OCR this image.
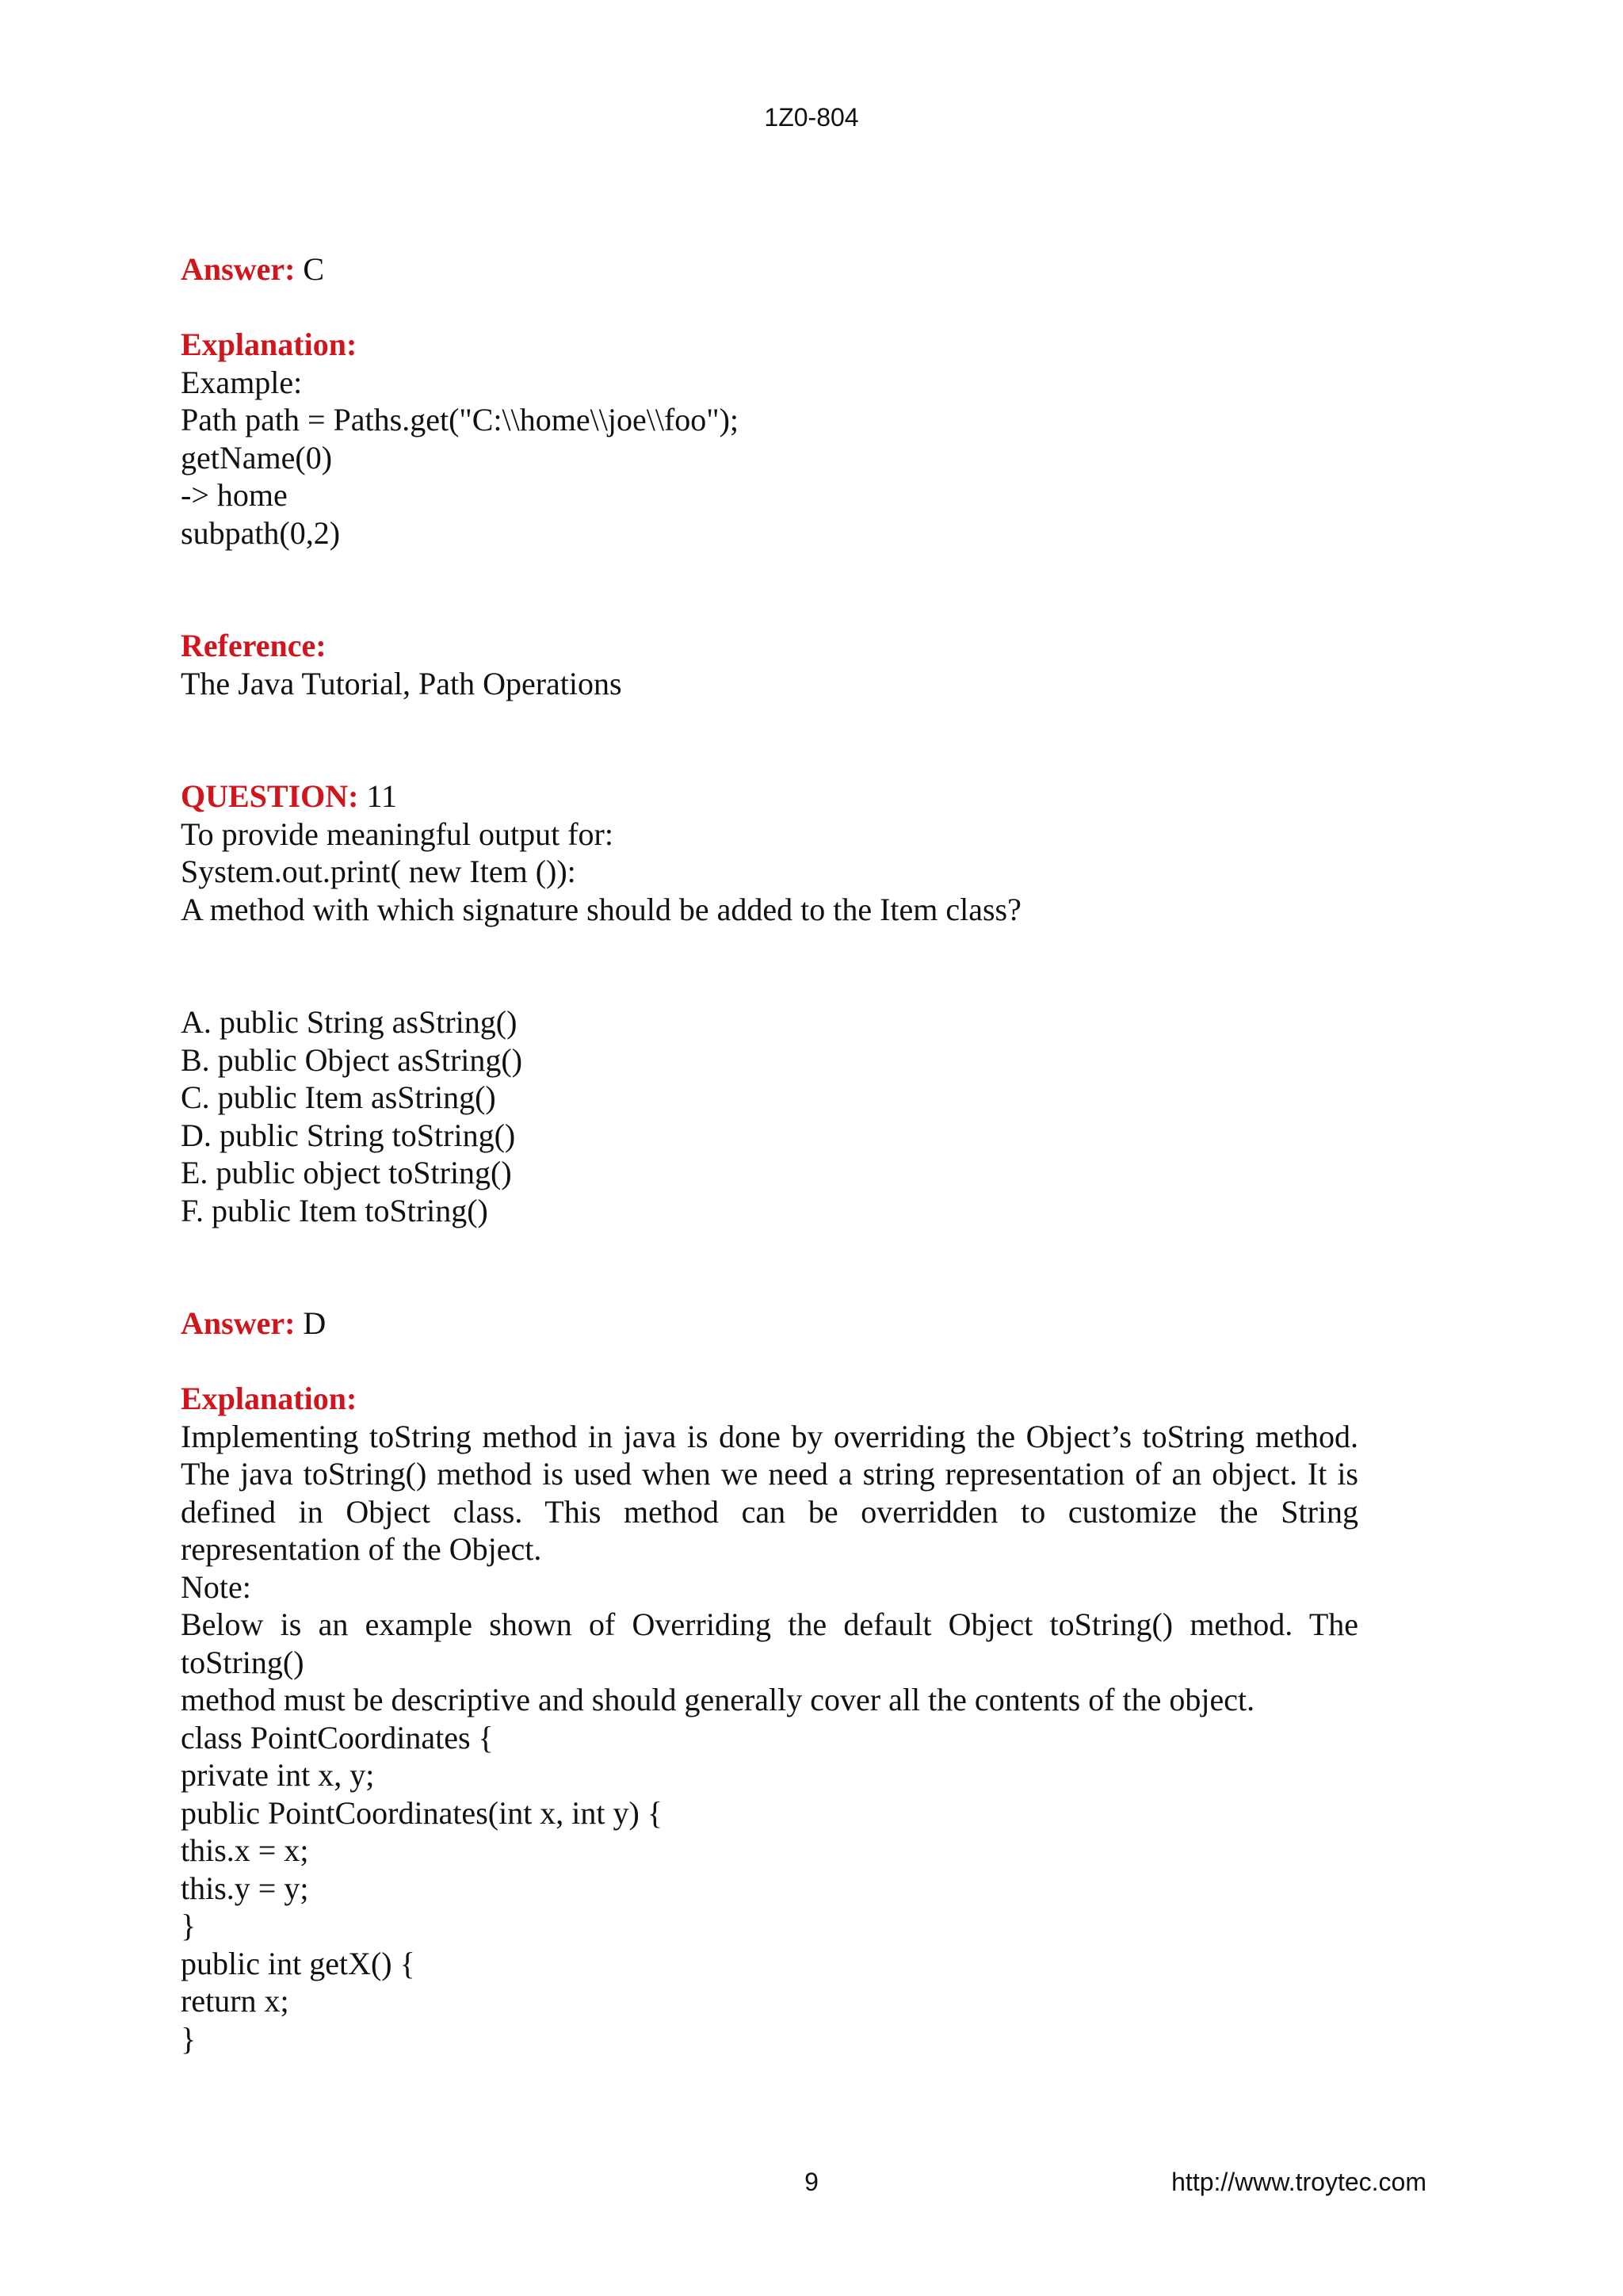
1Z0-804
Answer: C
Explanation:
Example:
Path path = Paths.get("C:\\home\\joe\\foo");
getName(0)
-> home
subpath(0,2)
Reference:
The Java Tutorial, Path Operations
QUESTION: 11
To provide meaningful output for:
System.out.print( new Item ()):
A method with which signature should be added to the Item class?
A. public String asString()
B. public Object asString()
C. public Item asString()
D. public String toString()
E. public object toString()
F. public Item toString()
Answer: D
Explanation:
Implementing toString method in java is done by overriding the Object’s toString method. The java toString() method is used when we need a string representation of an object. It is defined in Object class. This method can be overridden to customize the String representation of the Object.
Note:
Below is an example shown of Overriding the default Object toString() method. The
toString()
method must be descriptive and should generally cover all the contents of the object.
class PointCoordinates {
private int x, y;
public PointCoordinates(int x, int y) {
this.x = x;
this.y = y;
}
public int getX() {
return x;
}
9	http://www.troytec.com
